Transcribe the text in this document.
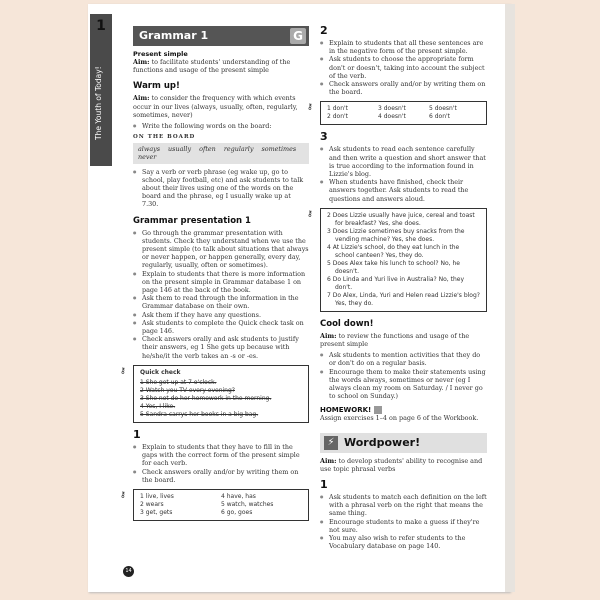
1
The Youth of Today!
Grammar 1	G
Present simple

Aim: to facilitate students' understanding of the functions and usage of the present simple

Warm up!

Aim: to consider the frequency with which events occur in our lives (always, usually, often, regularly, sometimes, never)

● Write the following words on the board:
ON THE BOARD
always usually often regularly sometimes never
● Say a verb or verb phrase (eg wake up, go to school, play football, etc) and ask students to talk about their lives using one of the words on the board and the phrase, eg I usually wake up at 7.30.
Grammar presentation 1
● Go through the grammar presentation with students. Check they understand when we use the present simple (to talk about situations that always or never happen, or happen generally, every day, regularly, usually, often or sometimes).
● Explain to students that there is more information on the present simple in Grammar database 1 on page 146 at the back of the book.
● Ask them to read through the information in the Grammar database on their own.
● Ask them if they have any questions.
● Ask students to complete the Quick check task on page 146.
● Check answers orally and ask students to justify their answers, eg 1 She gets up because with he/she/it the verb takes an -s or -es.
⚷ Quick check
1 She get up at 7 o'clock.
2 Watch you TV every evening?
3 She not do her homework in the morning.
4 Yes, I like.
5 Sandra carrys her books in a big bag.
1
● Explain to students that they have to fill in the gaps with the correct form of the present simple for each verb.
● Check answers orally and/or by writing them on the board.
⚷ 1 live, lives	4 have, has
2 wears	5 watch, watches
3 get, gets	6 go, goes
2
● Explain to students that all these sentences are in the negative form of the present simple.
● Ask students to choose the appropriate form don't or doesn't, taking into account the subject of the verb.
● Check answers orally and/or by writing them on the board.
⚷ 1 don't	3 doesn't	5 doesn't
2 don't	4 doesn't	6 don't
3
● Ask students to read each sentence carefully and then write a question and short answer that is true according to the information found in Lizzie's blog.
● When students have finished, check their answers together. Ask students to read the questions and answers aloud.
⚷ 2 Does Lizzie usually have juice, cereal and toast for breakfast? Yes, she does.
3 Does Lizzie sometimes buy snacks from the vending machine? Yes, she does.
4 At Lizzie's school, do they eat lunch in the school canteen? Yes, they do.
5 Does Alex take his lunch to school? No, he doesn't.
6 Do Linda and Yuri live in Australia? No, they don't.
7 Do Alex, Linda, Yuri and Helen read Lizzie's blog? Yes, they do.
Cool down!

Aim: to review the functions and usage of the present simple

● Ask students to mention activities that they do or don't do on a regular basis.
● Encourage them to make their statements using the words always, sometimes or never (eg I always clean my room on Saturday. / I never go to school on Sunday.)
HOMEWORK!

Assign exercises 1–4 on page 6 of the Workbook.

⚡ Wordpower!

Aim: to develop students' ability to recognise and use topic phrasal verbs

1
● Ask students to match each definition on the left with a phrasal verb on the right that means the same thing.
● Encourage students to make a guess if they're not sure.
● You may also wish to refer students to the Vocabulary database on page 140.
14
